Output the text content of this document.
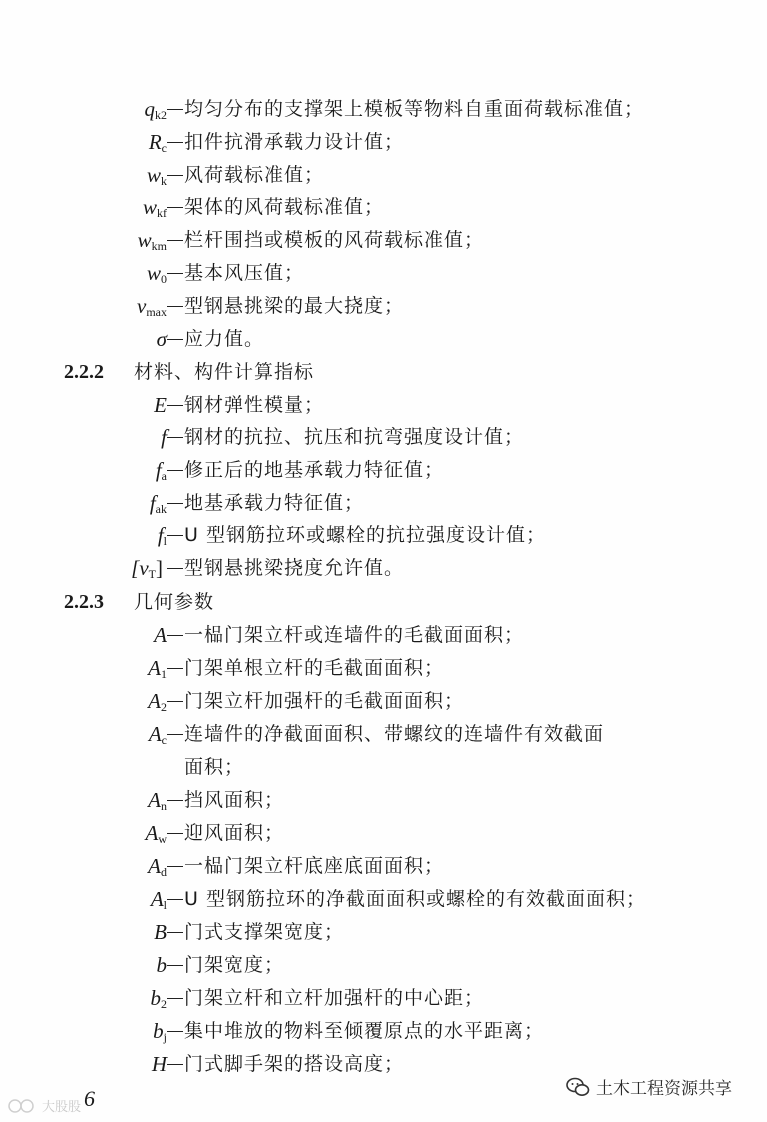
$q_{k2}$ 均匀分布的支撑架上模板等物料自重面荷载标准值；
$R_c$ 扣件抗滑承载力设计值；
$w_k$ 风荷载标准值；
$w_{kf}$ 架体的风荷载标准值；
$w_{km}$ 栏杆围挡或模板的风荷载标准值；
$w_0$ 基本风压值；
$v_{max}$ 型钢悬挑梁的最大挠度；
σ 应力值。
2.2.2 材料、构件计算指标
E 钢材弹性模量；
f 钢材的抗拉、抗压和抗弯强度设计值；
$f_a$ 修正后的地基承载力特征值；
$f_{ak}$ 地基承载力特征值；
$f_l$ U 型钢筋拉环或螺栓的抗拉强度设计值；
$[v_T]$ 型钢悬挑梁挠度允许值。
2.2.3 几何参数
A 一榀门架立杆或连墙件的毛截面面积；
$A_1$ 门架单根立杆的毛截面面积；
$A_2$ 门架立杆加强杆的毛截面面积；
$A_c$ 连墙件的净截面面积、带螺纹的连墙件有效截面
面积；
$A_n$ 挡风面积；
$A_w$ 迎风面积；
$A_d$ 一榀门架立杆底座底面面积；
$A_l$ U 型钢筋拉环的净截面面积或螺栓的有效截面面积；
B 门式支撑架宽度；
b 门架宽度；
$b_2$ 门架立杆和立杆加强杆的中心距；
$b_j$ 集中堆放的物料至倾覆原点的水平距离；
H 门式脚手架的搭设高度；
6
大股股
土木工程资源共享
